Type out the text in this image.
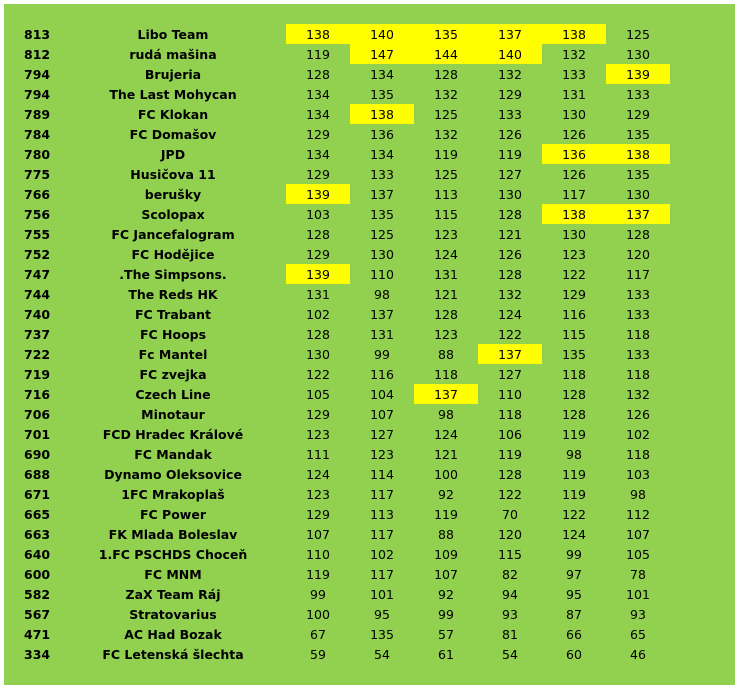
813	Libo Team	138	140	135	137	138	125
812	rudá mašina	119	147	144	140	132	130
794	Brujeria	128	134	128	132	133	139
794	The Last Mohycan	134	135	132	129	131	133
789	FC Klokan	134	138	125	133	130	129
784	FC Domašov	129	136	132	126	126	135
780	JPD	134	134	119	119	136	138
775	Husičova 11	129	133	125	127	126	135
766	berušky	139	137	113	130	117	130
756	Scolopax	103	135	115	128	138	137
755	FC Jancefalogram	128	125	123	121	130	128
752	FC Hodějice	129	130	124	126	123	120
747	.The Simpsons.	139	110	131	128	122	117
744	The Reds HK	131	98	121	132	129	133
740	FC Trabant	102	137	128	124	116	133
737	FC Hoops	128	131	123	122	115	118
722	Fc Mantel	130	99	88	137	135	133
719	FC zvejka	122	116	118	127	118	118
716	Czech Line	105	104	137	110	128	132
706	Minotaur	129	107	98	118	128	126
701	FCD Hradec Králové	123	127	124	106	119	102
690	FC Mandak	111	123	121	119	98	118
688	Dynamo Oleksovice	124	114	100	128	119	103
671	1FC Mrakoplaš	123	117	92	122	119	98
665	FC Power	129	113	119	70	122	112
663	FK Mlada Boleslav	107	117	88	120	124	107
640	1.FC PSCHDS Choceň	110	102	109	115	99	105
600	FC MNM	119	117	107	82	97	78
582	ZaX Team Ráj	99	101	92	94	95	101
567	Stratovarius	100	95	99	93	87	93
471	AC Had Bozak	67	135	57	81	66	65
334	FC Letenská šlechta	59	54	61	54	60	46
